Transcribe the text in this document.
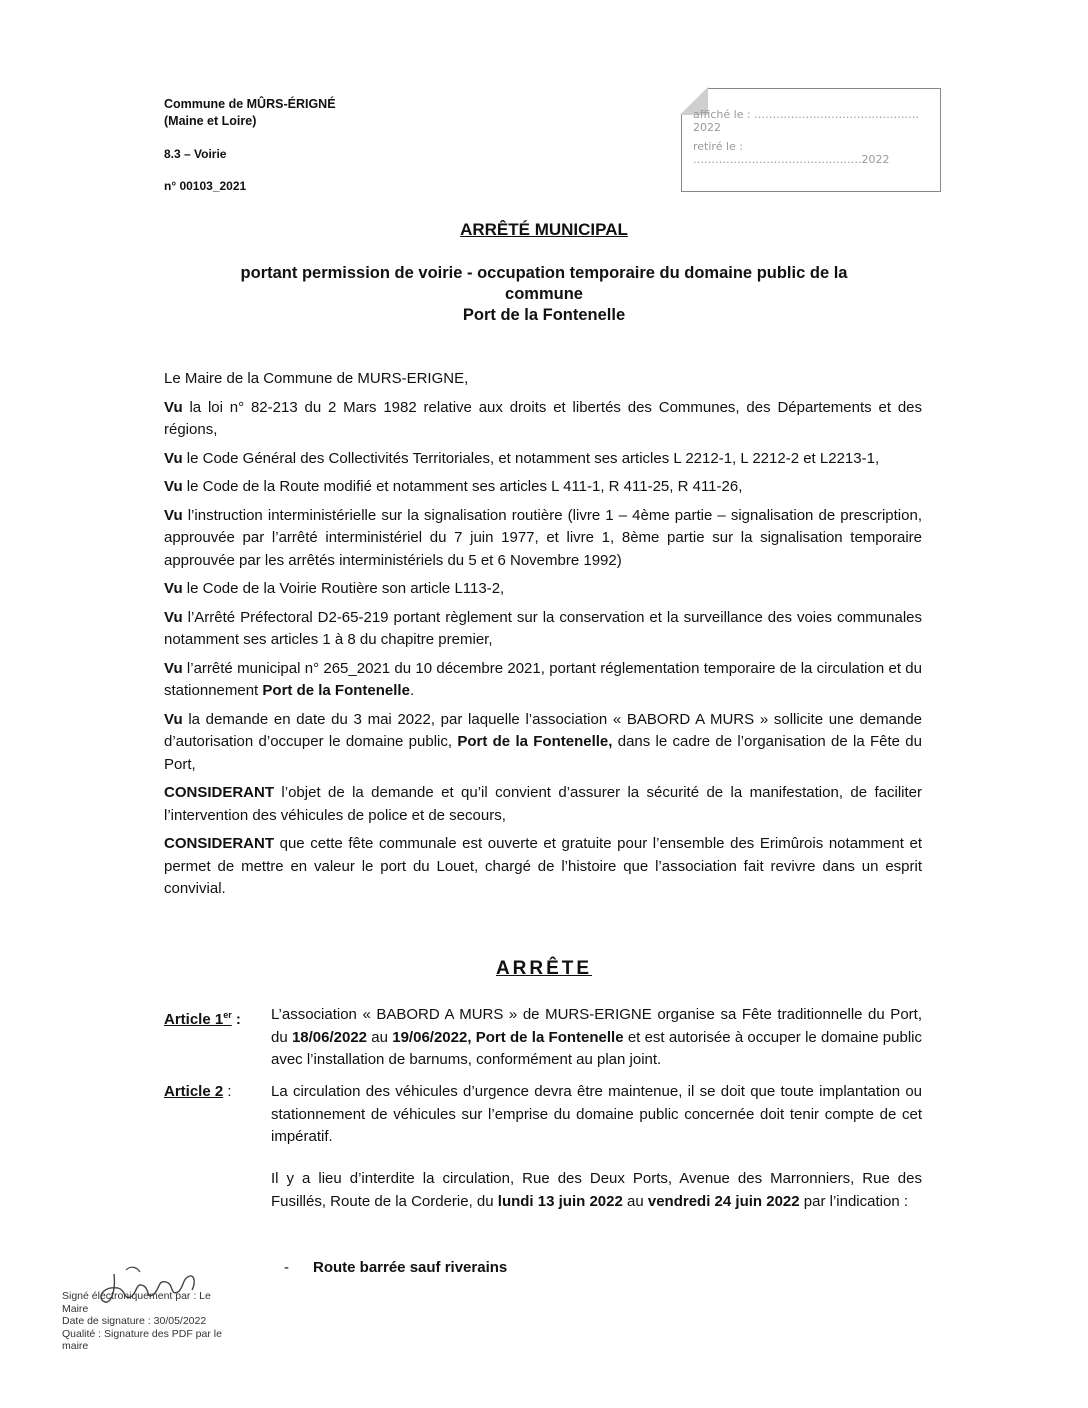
Commune de MÛRS-ÉRIGNÉ
(Maine et Loire)
8.3 – Voirie
n° 00103_2021
affiché le : ………………………………………2022
retiré le : ……………………………………….2022
ARRÊTÉ MUNICIPAL
portant permission de voirie - occupation temporaire du domaine public de la
commune
Port de la Fontenelle

Le Maire de la Commune de MURS-ERIGNE,

Vu la loi n° 82-213 du 2 Mars 1982 relative aux droits et libertés des Communes, des Départements et des régions,

Vu le Code Général des Collectivités Territoriales, et notamment ses articles L 2212-1, L 2212-2 et L2213-1,

Vu le Code de la Route modifié et notamment ses articles L 411-1, R 411-25, R 411-26,

Vu l’instruction interministérielle sur la signalisation routière (livre 1 – 4ème partie – signalisation de prescription, approuvée par l’arrêté interministériel du 7 juin 1977, et livre 1, 8ème partie sur la signalisation temporaire approuvée par les arrêtés interministériels du 5 et 6 Novembre 1992)

Vu le Code de la Voirie Routière son article L113-2,

Vu l’Arrêté Préfectoral D2-65-219 portant règlement sur la conservation et la surveillance des voies communales notamment ses articles 1 à 8 du chapitre premier,

Vu l’arrêté municipal n° 265_2021 du 10 décembre 2021, portant réglementation temporaire de la circulation et du stationnement Port de la Fontenelle.

Vu la demande en date du 3 mai 2022, par laquelle l’association « BABORD A MURS » sollicite une demande d’autorisation d’occuper le domaine public, Port de la Fontenelle, dans le cadre de l’organisation de la Fête du Port,

CONSIDERANT l’objet de la demande et qu’il convient d’assurer la sécurité de la manifestation, de faciliter l’intervention des véhicules de police et de secours,

CONSIDERANT que cette fête communale est ouverte et gratuite pour l’ensemble des Erimûrois notamment et permet de mettre en valeur le port du Louet, chargé de l’histoire que l’association fait revivre dans un esprit convivial.

ARRÊTE
Article 1er : L’association « BABORD A MURS » de MURS-ERIGNE organise sa Fête traditionnelle du Port, du 18/06/2022 au 19/06/2022, Port de la Fontenelle et est autorisée à occuper le domaine public avec l’installation de barnums, conformément au plan joint.
Article 2 :	La circulation des véhicules d’urgence devra être maintenue, il se doit que toute implantation ou stationnement de véhicules sur l’emprise du domaine public concernée doit tenir compte de cet impératif.
Il y a lieu d’interdite la circulation, Rue des Deux Ports, Avenue des Marronniers, Rue des Fusillés, Route de la Corderie, du lundi 13 juin 2022 au vendredi 24 juin 2022 par l’indication :
- Route barrée sauf riverains
Signé électroniquement par : Le
Maire
Date de signature : 30/05/2022
Qualité : Signature des PDF par le
maire
